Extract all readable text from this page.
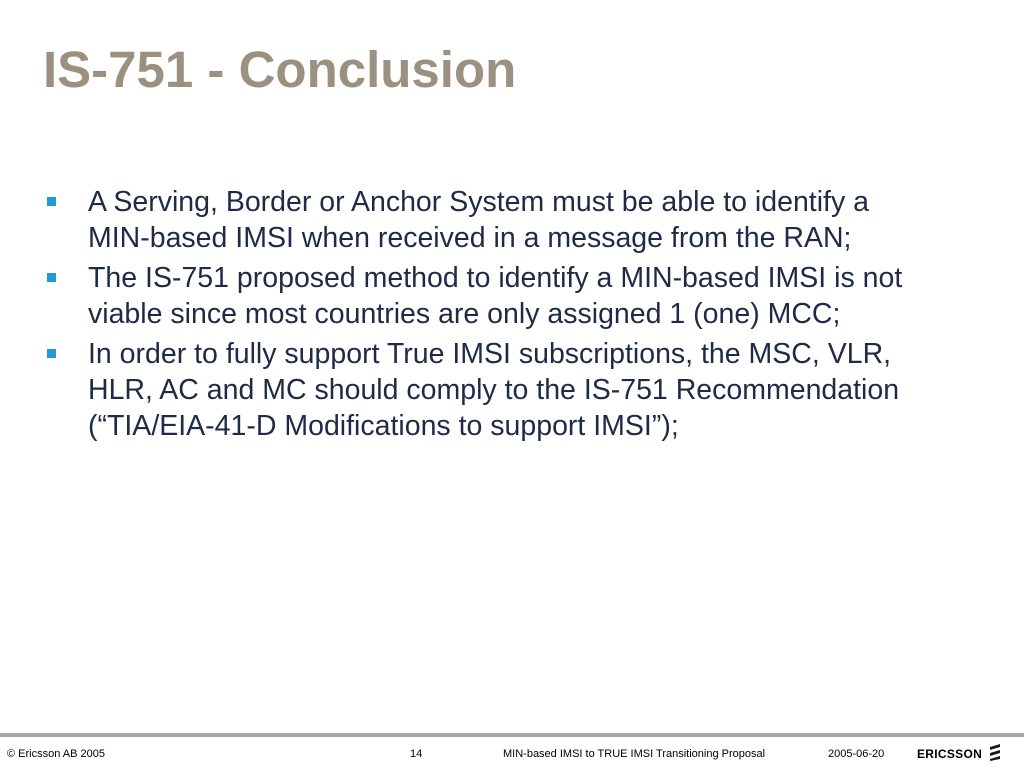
IS-751 - Conclusion
A Serving, Border or Anchor System must be able to identify a MIN-based IMSI when received in a message from the RAN;
The IS-751 proposed method to identify a MIN-based IMSI is not viable since most countries are only assigned 1 (one) MCC;
In order to fully support True IMSI subscriptions, the MSC, VLR, HLR, AC and MC should comply to the IS-751 Recommendation (“TIA/EIA-41-D Modifications to support IMSI”);
© Ericsson AB 2005	14	MIN-based IMSI to TRUE IMSI Transitioning Proposal	2005-06-20	ERICSSON
